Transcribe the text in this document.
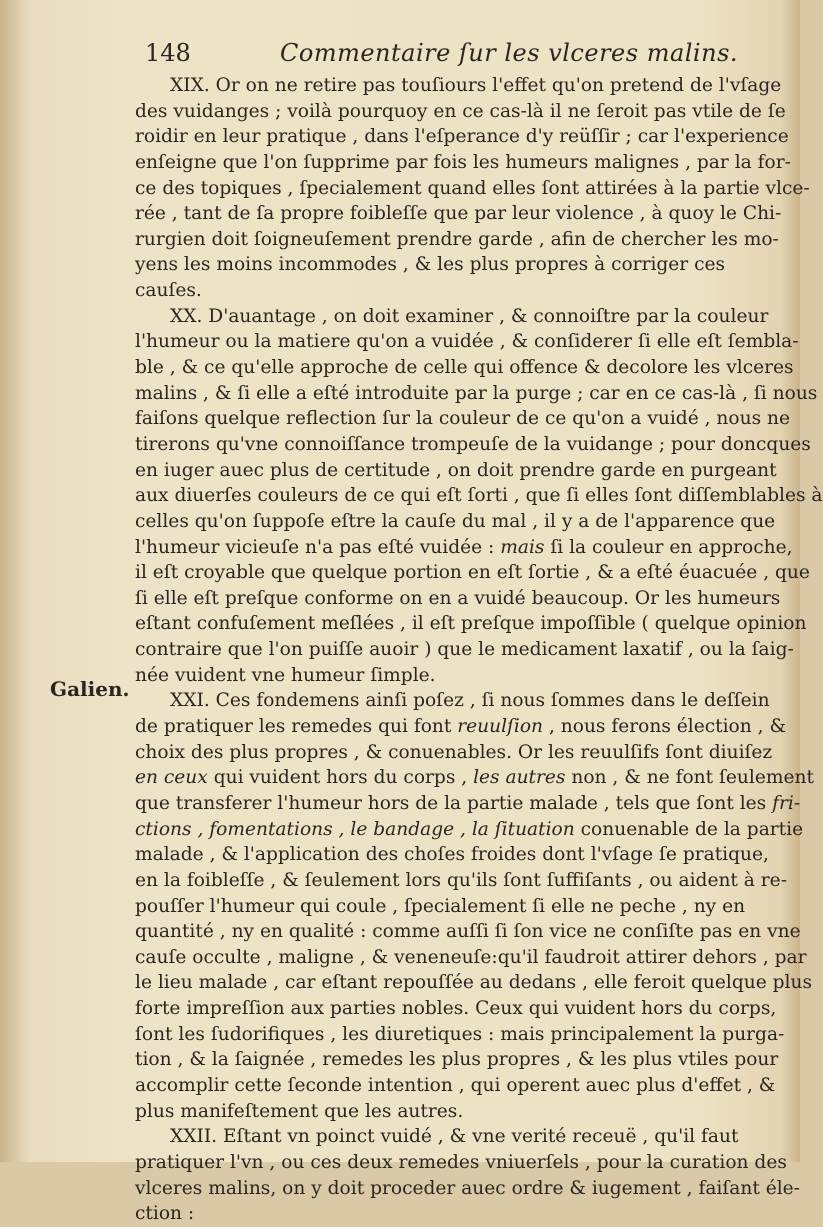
148	Commentaire ſur les vlceres malins.
Galien.
XIX. Or on ne retire pas touſiours l'effet qu'on pretend de l'vſage
des vuidanges ; voilà pourquoy en ce cas-là il ne ſeroit pas vtile de ſe
roidir en leur pratique , dans l'eſperance d'y reüſſir ; car l'experience
enſeigne que l'on ſupprime par fois les humeurs malignes , par la for-
ce des topiques , ſpecialement quand elles ſont attirées à la partie vlce-
rée , tant de ſa propre foibleſſe que par leur violence , à quoy le Chi-
rurgien doit ſoigneuſement prendre garde , afin de chercher les mo-
yens les moins incommodes , & les plus propres à corriger ces
cauſes.
XX. D'auantage , on doit examiner , & connoiſtre par la couleur
l'humeur ou la matiere qu'on a vuidée , & conſiderer ſi elle eſt ſembla-
ble , & ce qu'elle approche de celle qui offence & decolore les vlceres
malins , & ſi elle a eſté introduite par la purge ; car en ce cas-là , ſi nous
faiſons quelque reflection ſur la couleur de ce qu'on a vuidé , nous ne
tirerons qu'vne connoiſſance trompeuſe de la vuidange ; pour doncques
en iuger auec plus de certitude , on doit prendre garde en purgeant
aux diuerſes couleurs de ce qui eſt ſorti , que ſi elles ſont diſſemblables à
celles qu'on ſuppoſe eſtre la cauſe du mal , il y a de l'apparence que
l'humeur vicieuſe n'a pas eſté vuidée : mais ſi la couleur en approche,
il eſt croyable que quelque portion en eſt ſortie , & a eſté éuacuée , que
ſi elle eſt preſque conforme on en a vuidé beaucoup. Or les humeurs
eſtant confuſement meſlées , il eſt preſque impoſſible ( quelque opinion
contraire que l'on puiſſe auoir ) que le medicament laxatif , ou la ſaig-
née vuident vne humeur ſimple.
XXI. Ces fondemens ainſi poſez , ſi nous ſommes dans le deſſein
de pratiquer les remedes qui font reuulſion , nous ferons élection , &
choix des plus propres , & conuenables. Or les reuulſifs ſont diuiſez
en ceux qui vuident hors du corps , les autres non , & ne font ſeulement
que transferer l'humeur hors de la partie malade , tels que ſont les fri-
ctions , fomentations , le bandage , la ſituation conuenable de la partie
malade , & l'application des choſes froides dont l'vſage ſe pratique,
en la foibleſſe , & ſeulement lors qu'ils ſont ſuffiſants , ou aident à re-
pouſſer l'humeur qui coule , ſpecialement ſi elle ne peche , ny en
quantité , ny en qualité : comme auſſi ſi ſon vice ne conſiſte pas en vne
cauſe occulte , maligne , & veneneuſe:qu'il faudroit attirer dehors , par
le lieu malade , car eſtant repouſſée au dedans , elle feroit quelque plus
forte impreſſion aux parties nobles. Ceux qui vuident hors du corps,
ſont les ſudorifiques , les diuretiques : mais principalement la purga-
tion , & la ſaignée , remedes les plus propres , & les plus vtiles pour
accomplir cette ſeconde intention , qui operent auec plus d'effet , &
plus manifeſtement que les autres.
XXII. Eſtant vn poinct vuidé , & vne verité receuë , qu'il faut
pratiquer l'vn , ou ces deux remedes vniuerſels , pour la curation des
vlceres malins, on y doit proceder auec ordre & iugement , faiſant éle-
ction :
